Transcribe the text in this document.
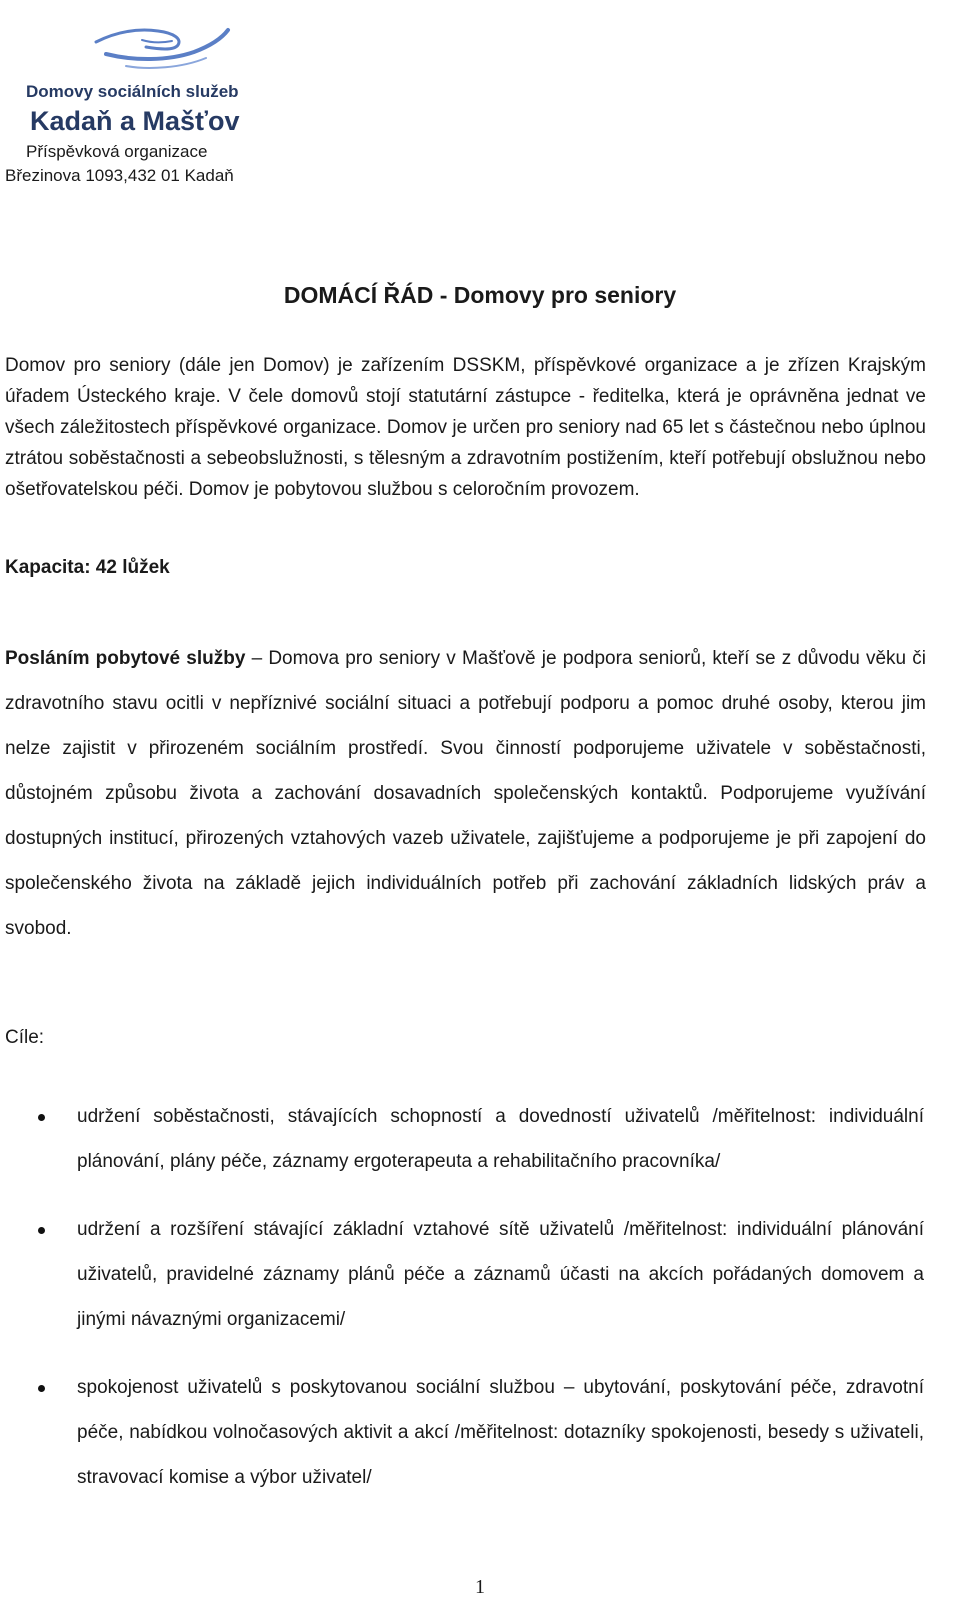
Domovy sociálních služeb
Kadaň a Mašťov
Příspěvková organizace
Březinova 1093,432 01 Kadaň
DOMÁCÍ ŘÁD - Domovy pro seniory
Domov pro seniory (dále jen Domov) je zařízením DSSKM, příspěvkové organizace a je zřízen Krajským úřadem Ústeckého kraje. V čele domovů stojí statutární zástupce - ředitelka, která je oprávněna jednat ve všech záležitostech příspěvkové organizace. Domov je určen pro seniory nad 65 let s částečnou nebo úplnou ztrátou soběstačnosti a sebeobslužnosti, s tělesným a zdravotním postižením, kteří potřebují obslužnou nebo ošetřovatelskou péči. Domov je pobytovou službou s celoročním provozem.
Kapacita: 42 lůžek
Posláním pobytové služby – Domova pro seniory v Mašťově je podpora seniorů, kteří se z důvodu věku či zdravotního stavu ocitli v nepříznivé sociální situaci a potřebují podporu a pomoc druhé osoby, kterou jim nelze zajistit v přirozeném sociálním prostředí. Svou činností podporujeme uživatele v soběstačnosti, důstojném způsobu života a zachování dosavadních společenských kontaktů. Podporujeme využívání dostupných institucí, přirozených vztahových vazeb uživatele, zajišťujeme a podporujeme je při zapojení do společenského života na základě jejich individuálních potřeb při zachování základních lidských práv a svobod.
Cíle:
udržení soběstačnosti, stávajících schopností a dovedností uživatelů /měřitelnost: individuální plánování, plány péče, záznamy ergoterapeuta a rehabilitačního pracovníka/
udržení a rozšíření stávající základní vztahové sítě uživatelů /měřitelnost: individuální plánování uživatelů, pravidelné záznamy plánů péče a záznamů účasti na akcích pořádaných domovem a jinými návaznými organizacemi/
spokojenost uživatelů s poskytovanou sociální službou – ubytování, poskytování péče, zdravotní péče, nabídkou volnočasových aktivit a akcí /měřitelnost: dotazníky spokojenosti, besedy s uživateli, stravovací komise a výbor uživatel/
1
